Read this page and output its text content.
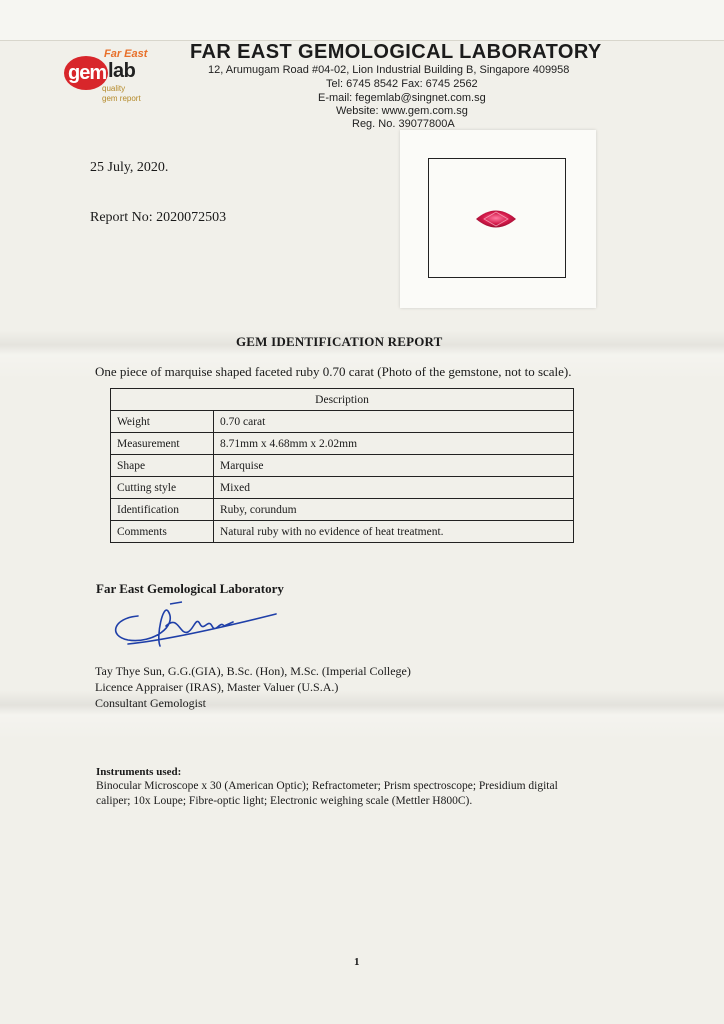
Far East
gem lab
quality
gem report
FAR EAST GEMOLOGICAL LABORATORY
12, Arumugam Road #04-02, Lion Industrial Building B, Singapore 409958
Tel: 6745 8542 Fax: 6745 2562
E-mail: fegemlab@singnet.com.sg
Website: www.gem.com.sg
Reg. No. 39077800A
25 July, 2020.
Report No: 2020072503
GEM IDENTIFICATION REPORT
One piece of marquise shaped faceted ruby 0.70 carat (Photo of the gemstone, not to scale).
Description	
Weight	0.70 carat
Measurement	8.71mm x 4.68mm x 2.02mm
Shape	Marquise
Cutting style	Mixed
Identification	Ruby, corundum
Comments	Natural ruby with no evidence of heat treatment.
Far East Gemological Laboratory
Tay Thye Sun, G.G.(GIA), B.Sc. (Hon), M.Sc. (Imperial College)
Licence Appraiser (IRAS), Master Valuer (U.S.A.)
Consultant Gemologist
Instruments used:
Binocular Microscope x 30 (American Optic); Refractometer; Prism spectroscope; Presidium digital
caliper; 10x Loupe; Fibre-optic light; Electronic weighing scale (Mettler H800C).
1
